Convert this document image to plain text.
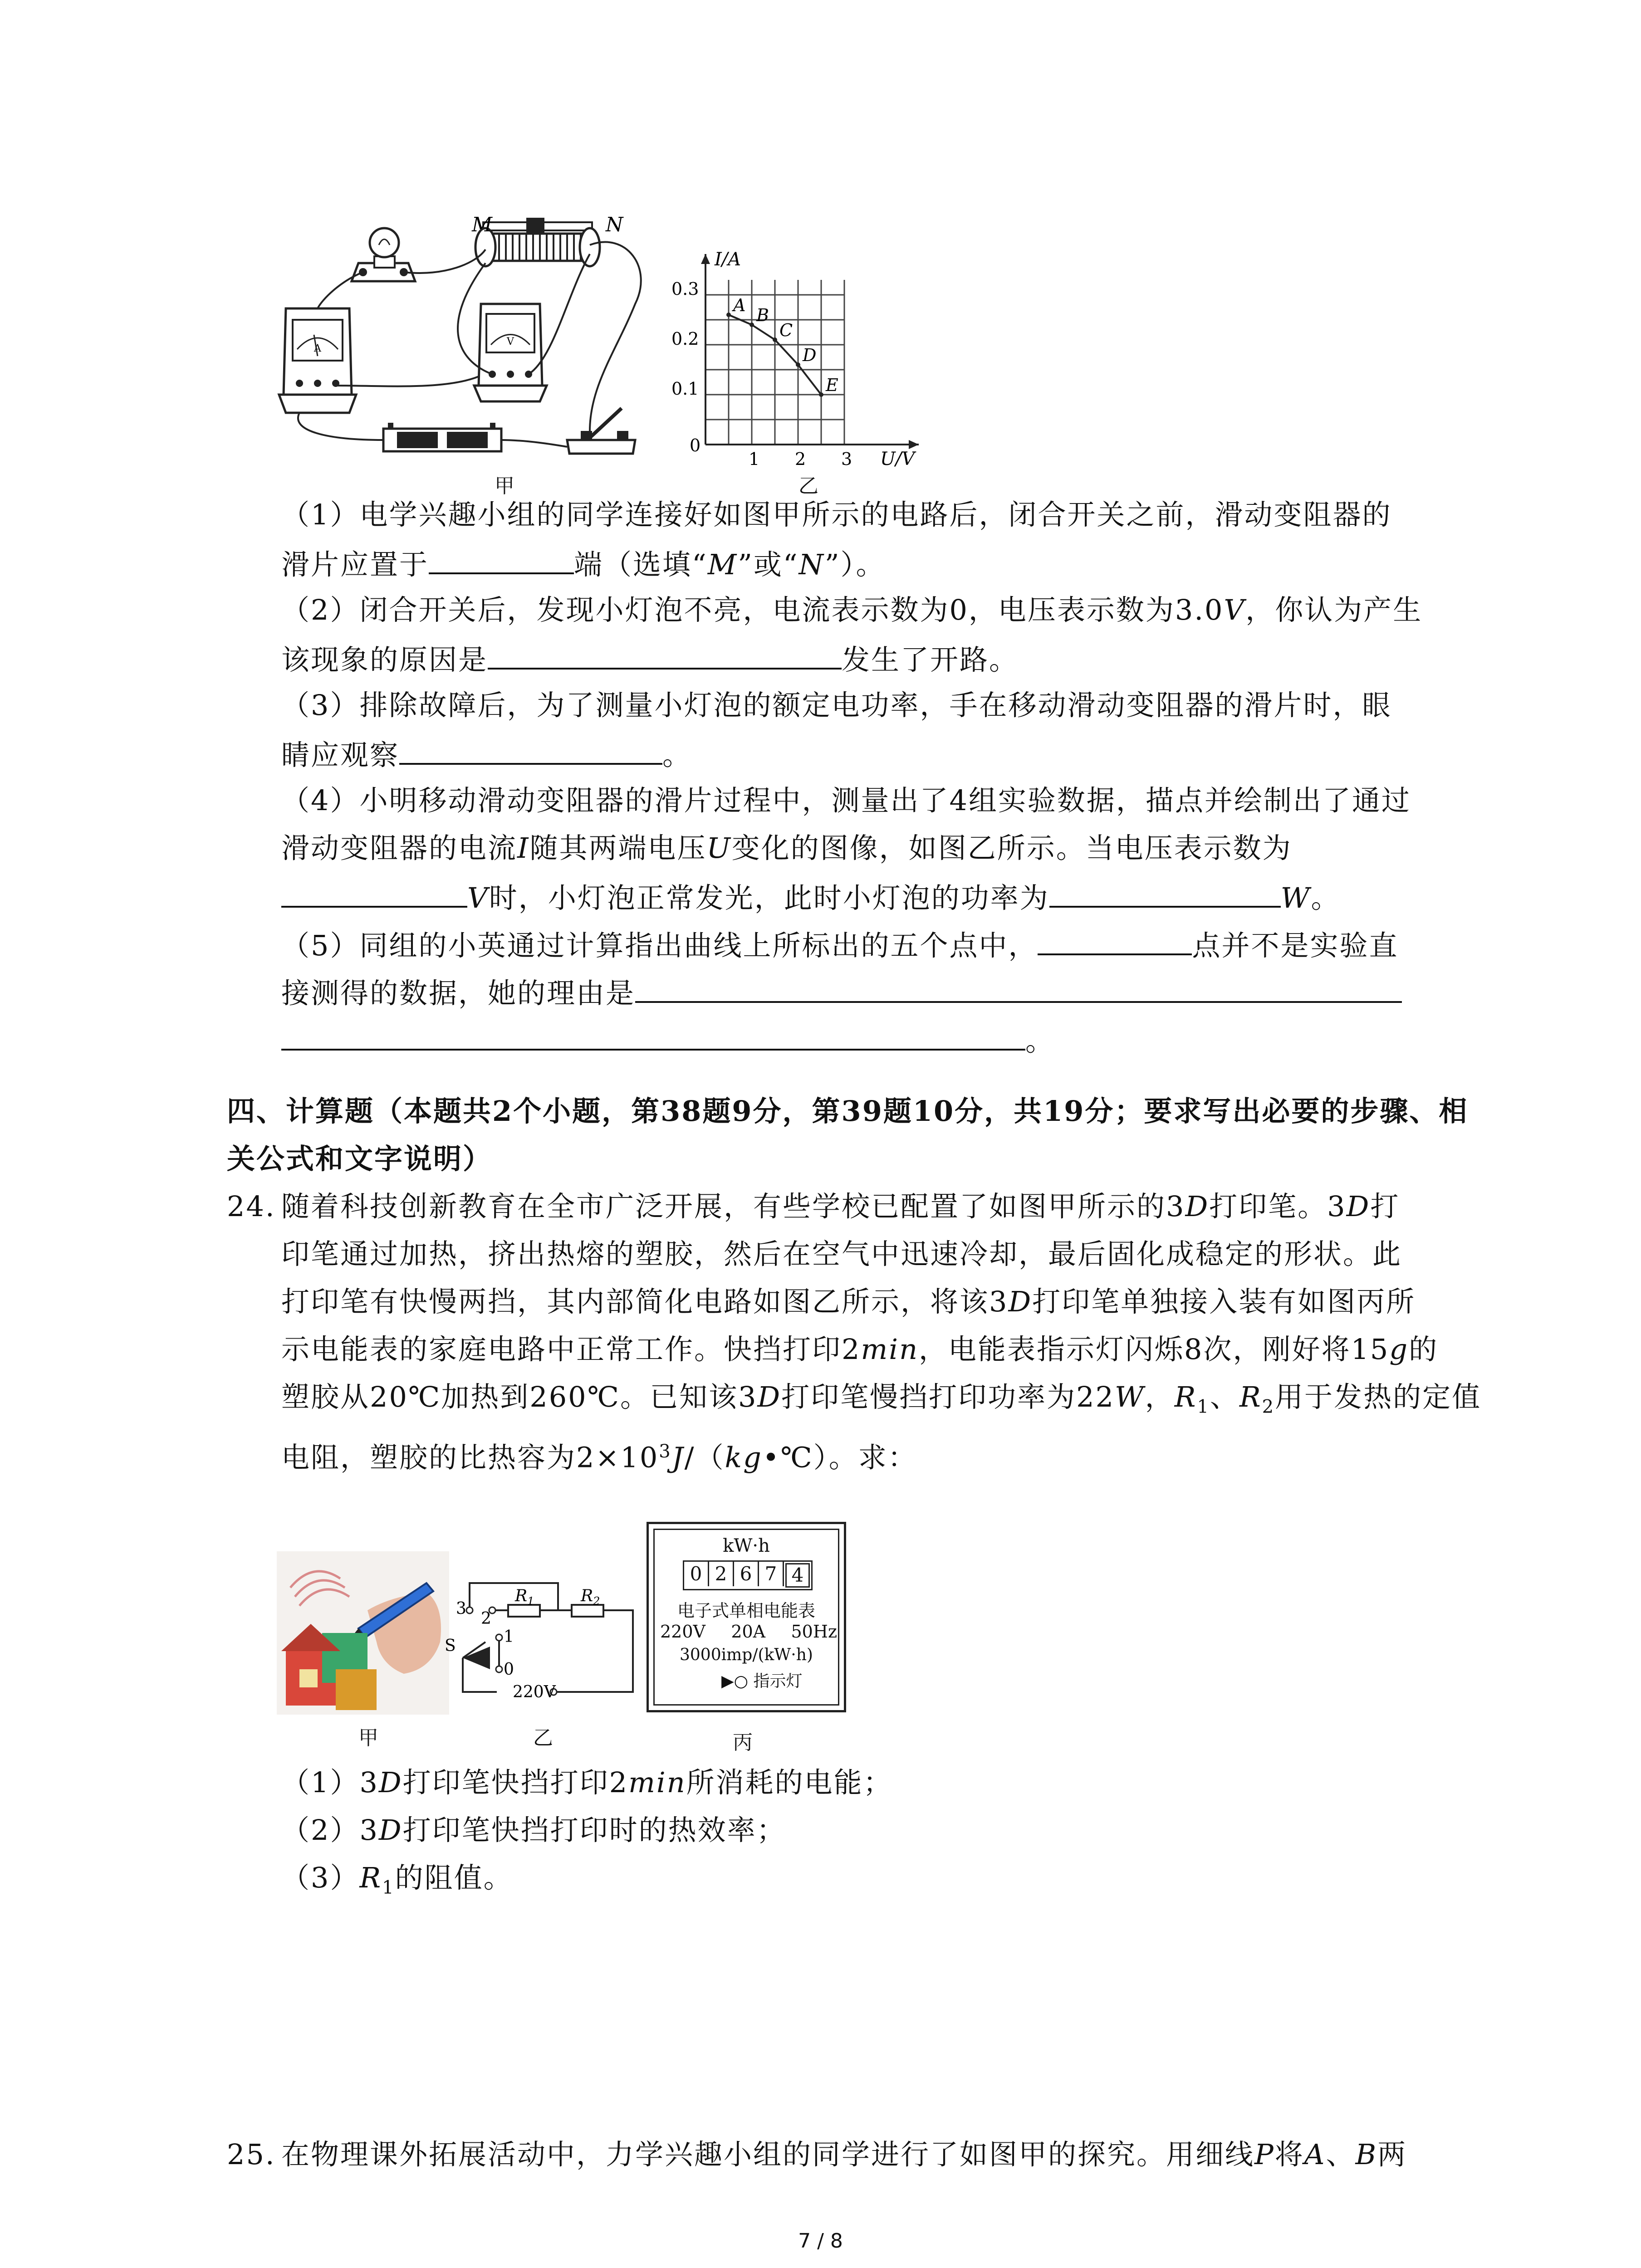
M	N
A
V
甲
I/A
U/V
0.3
0.2
0.1
0
1 2 3
A B
C
D
E
乙
（1）电学兴趣小组的同学连接好如图甲所示的电路后，闭合开关之前，滑动变阻器的
滑片应置于	端（选填“M”或“N”）。
（2）闭合开关后，发现小灯泡不亮，电流表示数为0，电压表示数为3.0V，你认为产生
该现象的原因是	发生了开路。
（3）排除故障后，为了测量小灯泡的额定电功率，手在移动滑动变阻器的滑片时，眼
睛应观察	。
（4）小明移动滑动变阻器的滑片过程中，测量出了4组实验数据，描点并绘制出了通过
滑动变阻器的电流I随其两端电压U变化的图像，如图乙所示。当电压表示数为
V时，小灯泡正常发光，此时小灯泡的功率为	W。
（5）同组的小英通过计算指出曲线上所标出的五个点中，	点并不是实验直
接测得的数据，她的理由是
。
四、计算题（本题共2个小题，第38题9分，第39题10分，共19分；要求写出必要的步骤、相
关公式和文字说明）
24. 随着科技创新教育在全市广泛开展，有些学校已配置了如图甲所示的3D打印笔。3D打
印笔通过加热，挤出热熔的塑胶，然后在空气中迅速冷却，最后固化成稳定的形状。此
打印笔有快慢两挡，其内部简化电路如图乙所示，将该3D打印笔单独接入装有如图丙所
示电能表的家庭电路中正常工作。快挡打印2min，电能表指示灯闪烁8次，刚好将15g的
塑胶从20℃加热到260℃。已知该3D打印笔慢挡打印功率为22W，$R_1$、$R_2$用于发热的定值
电阻，塑胶的比热容为$2\times 10^3J/(kg•℃)$。求：
甲
3
2
1
0
S
$R_1$	$R_2$
220V
乙
kW·h
0 2 6 7 4
电子式单相电能表
220V 20A 50Hz
3000imp/(kW·h)
▶○ 指示灯
丙
（1）3D打印笔快挡打印2min所消耗的电能；
（2）3D打印笔快挡打印时的热效率；
$(3)R_1$的阻值。
25. 在物理课外拓展活动中，力学兴趣小组的同学进行了如图甲的探究。用细线P将A、B两
7 / 8
